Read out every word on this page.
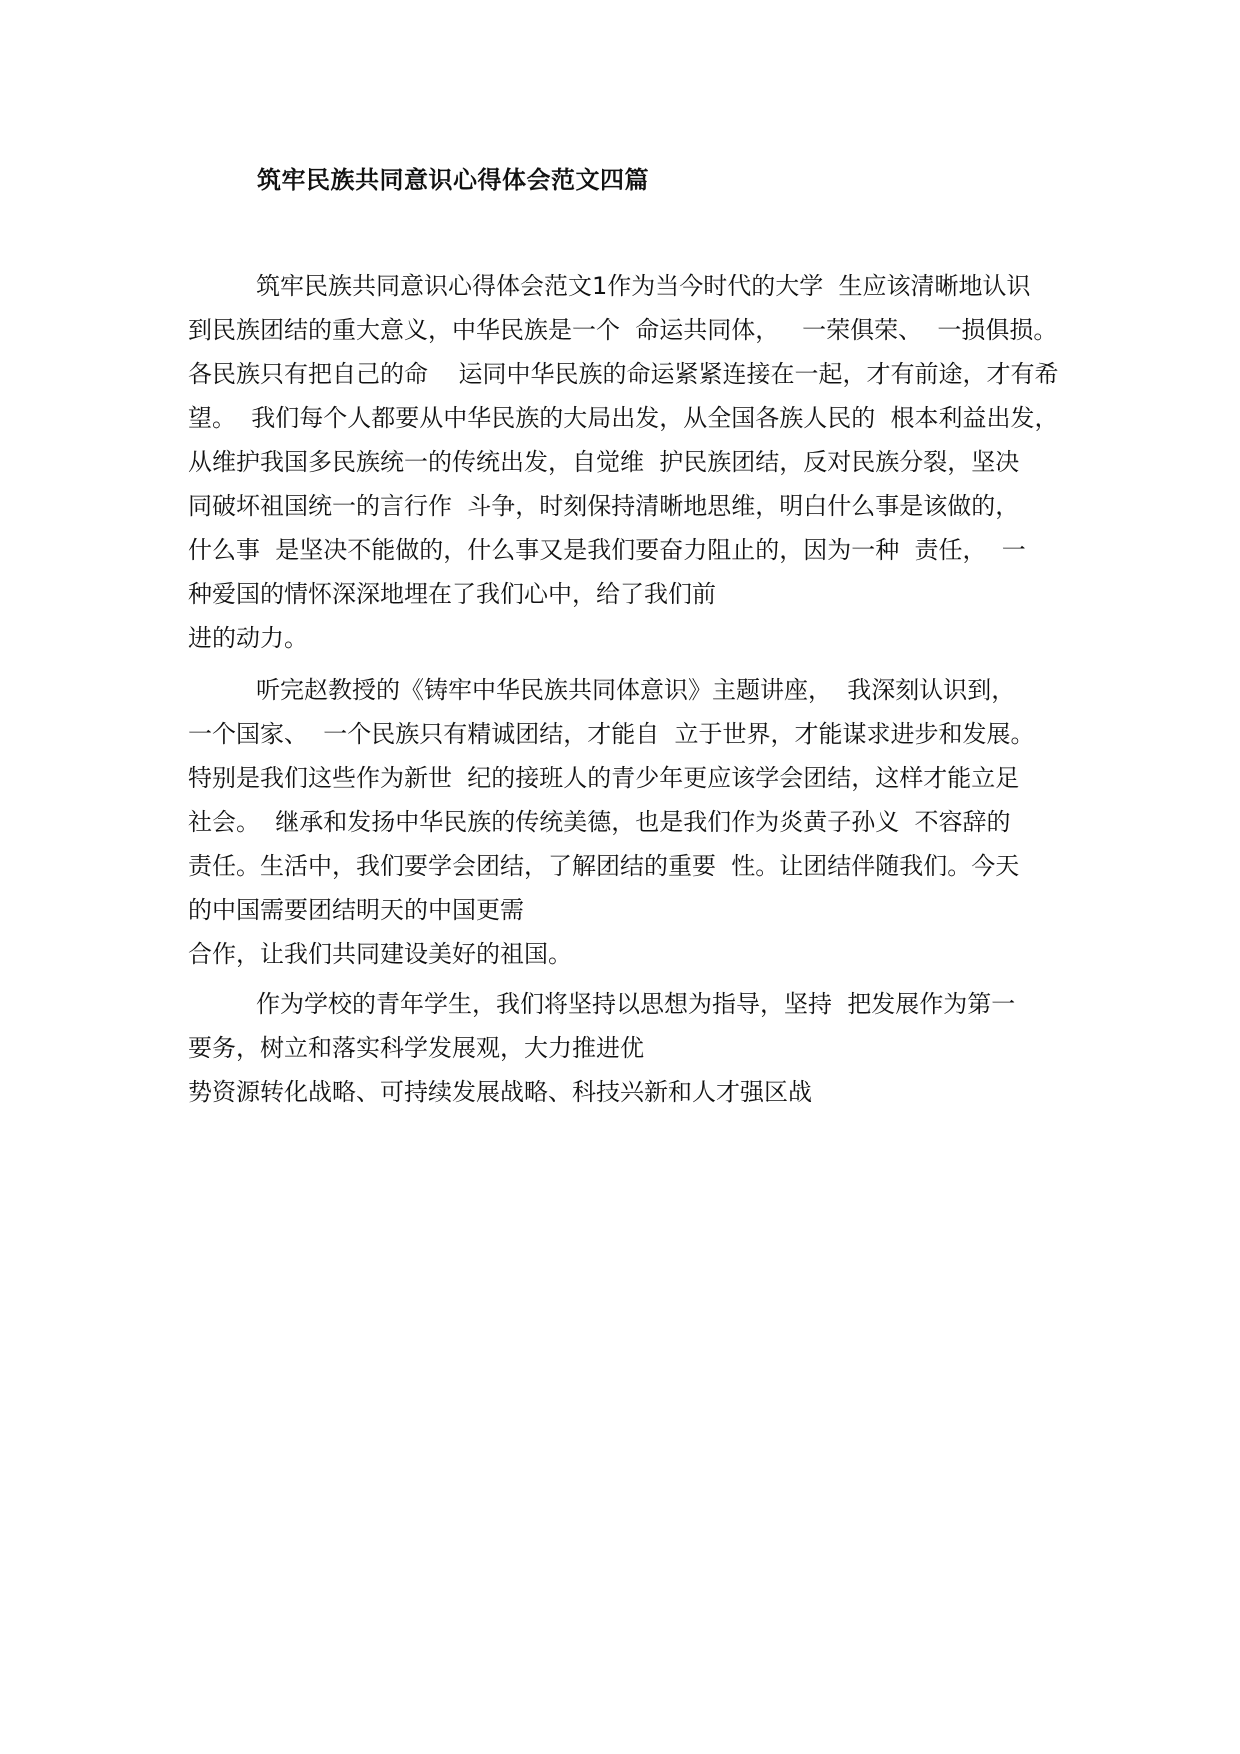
筑牢民族共同意识心得体会范文四篇
筑牢民族共同意识心得体会范文1作为当今时代的大学  生应该清晰地认识
到民族团结的重大意义，中华民族是一个  命运共同体，   一荣俱荣、  一损俱损。
各民族只有把自己的命    运同中华民族的命运紧紧连接在一起，才有前途，才有希
望。  我们每个人都要从中华民族的大局出发，从全国各族人民的  根本利益出发，
从维护我国多民族统一的传统出发，自觉维  护民族团结，反对民族分裂，坚决
同破坏祖国统一的言行作  斗争，时刻保持清晰地思维，明白什么事是该做的，
什么事  是坚决不能做的，什么事又是我们要奋力阻止的，因为一种  责任，  一
种爱国的情怀深深地埋在了我们心中，给了我们前
进的动力。
听完赵教授的《铸牢中华民族共同体意识》主题讲座，  我深刻认识到，
一个国家、  一个民族只有精诚团结，才能自  立于世界，才能谋求进步和发展。
特别是我们这些作为新世  纪的接班人的青少年更应该学会团结，这样才能立足
社会。  继承和发扬中华民族的传统美德，也是我们作为炎黄子孙义  不容辞的
责任。生活中，我们要学会团结，了解团结的重要  性。让团结伴随我们。今天
的中国需要团结明天的中国更需
合作，让我们共同建设美好的祖国。
作为学校的青年学生，我们将坚持以思想为指导，坚持  把发展作为第一
要务，树立和落实科学发展观，大力推进优
势资源转化战略、可持续发展战略、科技兴新和人才强区战
